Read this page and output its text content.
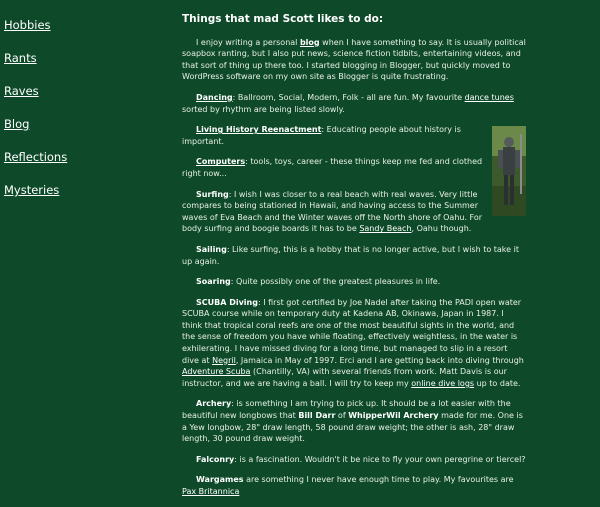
Hobbies
Rants
Raves
Blog
Reflections
Mysteries
Things that mad Scott likes to do:

I enjoy writing a personal blog when I have something to say. It is usually political soapbox ranting, but I also put news, science fiction tidbits, entertaining videos, and that sort of thing up there too. I started blogging in Blogger, but quickly moved to WordPress software on my own site as Blogger is quite frustrating.

Dancing: Ballroom, Social, Modern, Folk - all are fun. My favourite dance tunes sorted by rhythm are being listed slowly.

Living History Reenactment: Educating people about history is important.

Computers: tools, toys, career - these things keep me fed and clothed right now...

Surfing: I wish I was closer to a real beach with real waves. Very little compares to being stationed in Hawaii, and having access to the Summer waves of Eva Beach and the Winter waves off the North shore of Oahu. For body surfing and boogie boards it has to be Sandy Beach, Oahu though.

Sailing: Like surfing, this is a hobby that is no longer active, but I wish to take it up again.

Soaring: Quite possibly one of the greatest pleasures in life.

SCUBA Diving: I first got certified by Joe Nadel after taking the PADI open water SCUBA course while on temporary duty at Kadena AB, Okinawa, Japan in 1987. I think that tropical coral reefs are one of the most beautiful sights in the world, and the sense of freedom you have while floating, effectively weightless, in the water is exhilerating. I have missed diving for a long time, but managed to slip in a resort dive at Negril, Jamaica in May of 1997. Erci and I are getting back into diving through Adventure Scuba (Chantilly, VA) with several friends from work. Matt Davis is our instructor, and we are having a ball. I will try to keep my online dive logs up to date.

Archery: is something I am trying to pick up. It should be a lot easier with the beautiful new longbows that Bill Darr of WhipperWil Archery made for me. One is a Yew longbow, 28" draw length, 58 pound draw weight; the other is ash, 28" draw length, 30 pound draw weight.

Falconry: is a fascination. Wouldn't it be nice to fly your own peregrine or tiercel?

Wargames are something I never have enough time to play. My favourites are Pax Britannica
